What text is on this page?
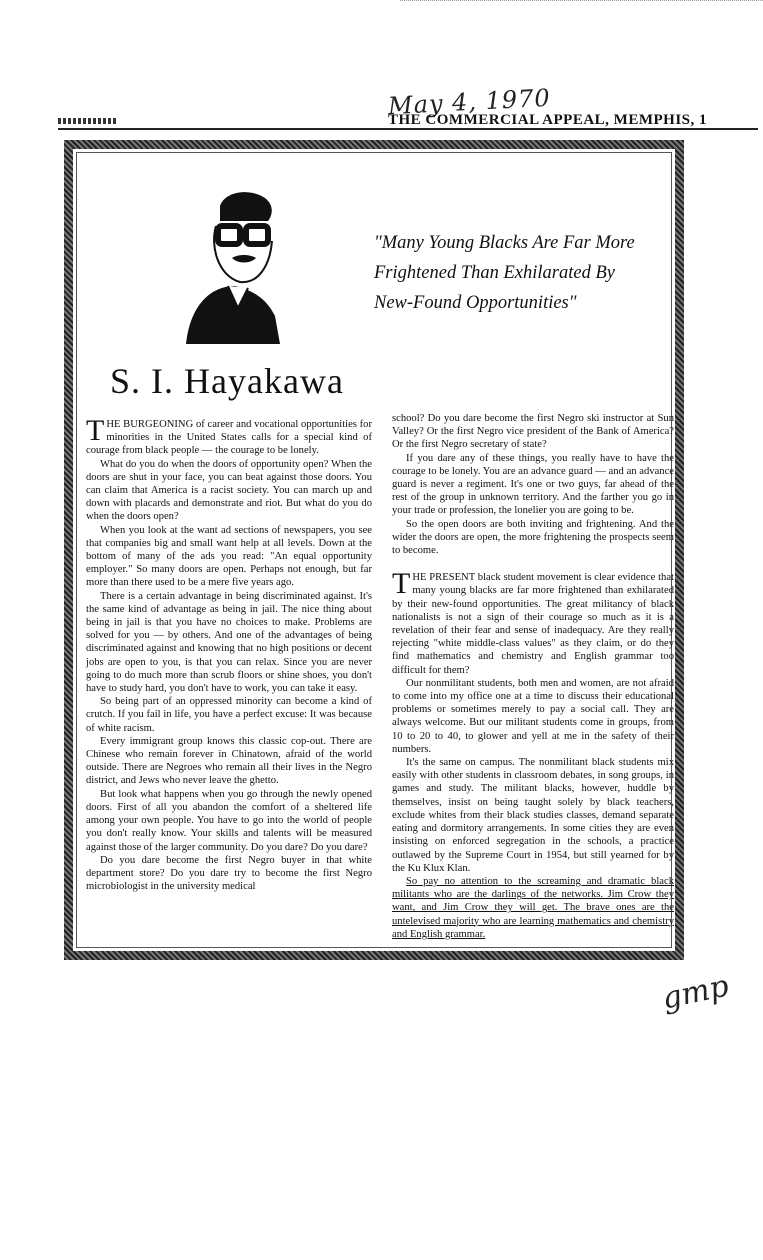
May 4, 1970
THE COMMERCIAL APPEAL, MEMPHIS, 1
"Many Young Blacks Are Far More Frightened Than Exhilarated By New-Found Opportunities"
S. I. Hayakawa

THE BURGEONING of career and vocational opportunities for minorities in the United States calls for a special kind of courage from black people — the courage to be lonely.

What do you do when the doors of opportunity open? When the doors are shut in your face, you can beat against those doors. You can claim that America is a racist society. You can march up and down with placards and demonstrate and riot. But what do you do when the doors open?

When you look at the want ad sections of newspapers, you see that companies big and small want help at all levels. Down at the bottom of many of the ads you read: "An equal opportunity employer." So many doors are open. Perhaps not enough, but far more than there used to be a mere five years ago.

There is a certain advantage in being discriminated against. It's the same kind of advantage as being in jail. The nice thing about being in jail is that you have no choices to make. Problems are solved for you — by others. And one of the advantages of being discriminated against and knowing that no high positions or decent jobs are open to you, is that you can relax. Since you are never going to do much more than scrub floors or shine shoes, you don't have to study hard, you don't have to work, you can take it easy.

So being part of an oppressed minority can become a kind of crutch. If you fail in life, you have a perfect excuse: It was because of white racism.

Every immigrant group knows this classic cop-out. There are Chinese who remain forever in Chinatown, afraid of the world outside. There are Negroes who remain all their lives in the Negro district, and Jews who never leave the ghetto.

But look what happens when you go through the newly opened doors. First of all you abandon the comfort of a sheltered life among your own people. You have to go into the world of people you don't really know. Your skills and talents will be measured against those of the larger community. Do you dare? Do you dare?

Do you dare become the first Negro buyer in that white department store? Do you dare try to become the first Negro microbiologist in the university medical

school? Do you dare become the first Negro ski instructor at Sun Valley? Or the first Negro vice president of the Bank of America? Or the first Negro secretary of state?

If you dare any of these things, you really have to have the courage to be lonely. You are an advance guard — and an advance guard is never a regiment. It's one or two guys, far ahead of the rest of the group in unknown territory. And the farther you go in your trade or profession, the lonelier you are going to be.

So the open doors are both inviting and frightening. And the wider the doors are open, the more frightening the prospects seem to become.

THE PRESENT black student movement is clear evidence that many young blacks are far more frightened than exhilarated by their new-found opportunities. The great militancy of black nationalists is not a sign of their courage so much as it is a revelation of their fear and sense of inadequacy. Are they really rejecting "white middle-class values" as they claim, or do they find mathematics and chemistry and English grammar too difficult for them?

Our nonmilitant students, both men and women, are not afraid to come into my office one at a time to discuss their educational problems or sometimes merely to pay a social call. They are always welcome. But our militant students come in groups, from 10 to 20 to 40, to glower and yell at me in the safety of their numbers.

It's the same on campus. The nonmilitant black students mix easily with other students in classroom debates, in song groups, in games and study. The militant blacks, however, huddle by themselves, insist on being taught solely by black teachers, exclude whites from their black studies classes, demand separate eating and dormitory arrangements. In some cities they are even insisting on enforced segregation in the schools, a practice outlawed by the Supreme Court in 1954, but still yearned for by the Ku Klux Klan.

So pay no attention to the screaming and dramatic black militants who are the darlings of the networks. Jim Crow they want, and Jim Crow they will get. The brave ones are the untelevised majority who are learning mathematics and chemistry and English grammar.

gmp
